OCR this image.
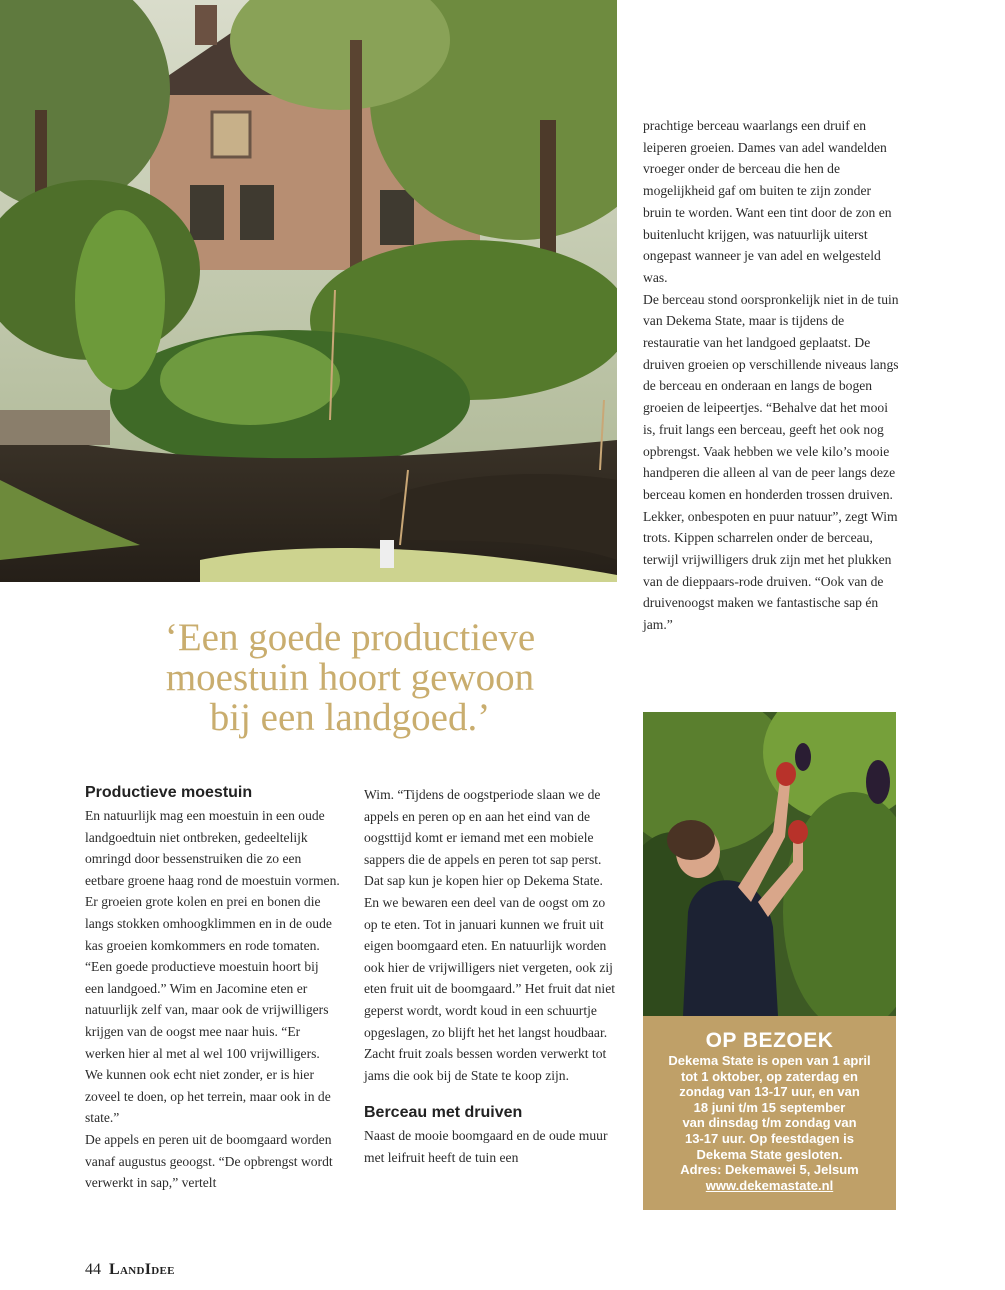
prachtige berceau waarlangs een druif en leiperen groeien. Dames van adel wandelden vroeger onder de berceau die hen de mogelijkheid gaf om buiten te zijn zonder bruin te worden. Want een tint door de zon en buitenlucht krijgen, was natuurlijk uiterst ongepast wanneer je van adel en welgesteld was.

De berceau stond oorspronkelijk niet in de tuin van Dekema State, maar is tijdens de restauratie van het landgoed geplaatst. De druiven groeien op verschillende niveaus langs de berceau en onderaan en langs de bogen groeien de leipeertjes. “Behalve dat het mooi is, fruit langs een berceau, geeft het ook nog opbrengst. Vaak hebben we vele kilo’s mooie handperen die alleen al van de peer langs deze berceau komen en honderden trossen druiven. Lekker, onbespoten en puur natuur”, zegt Wim trots. Kippen scharrelen onder de berceau, terwijl vrijwilligers druk zijn met het plukken van de dieppaars-rode druiven. “Ook van de druivenoogst maken we fantastische sap én jam.”

‘Een goede productieve
moestuin hoort gewoon
bij een landgoed.’
Productieve moestuin

En natuurlijk mag een moestuin in een oude landgoedtuin niet ontbreken, gedeeltelijk omringd door bessenstruiken die zo een eetbare groene haag rond de moestuin vormen. Er groeien grote kolen en prei en bonen die langs stokken omhoogklimmen en in de oude kas groeien komkommers en rode tomaten. “Een goede productieve moestuin hoort bij een landgoed.” Wim en Jacomine eten er natuurlijk zelf van, maar ook de vrijwilligers krijgen van de oogst mee naar huis. “Er werken hier al met al wel 100 vrijwilligers. We kunnen ook echt niet zonder, er is hier zoveel te doen, op het terrein, maar ook in de state.”

De appels en peren uit de boomgaard worden vanaf augustus geoogst. “De opbrengst wordt verwerkt in sap,” vertelt

Wim. “Tijdens de oogstperiode slaan we de appels en peren op en aan het eind van de oogsttijd komt er iemand met een mobiele sappers die de appels en peren tot sap perst. Dat sap kun je kopen hier op Dekema State. En we bewaren een deel van de oogst om zo op te eten. Tot in januari kunnen we fruit uit eigen boomgaard eten. En natuurlijk worden ook hier de vrijwilligers niet vergeten, ook zij eten fruit uit de boomgaard.” Het fruit dat niet geperst wordt, wordt koud in een schuurtje opgeslagen, zo blijft het het langst houdbaar. Zacht fruit zoals bessen worden verwerkt tot jams die ook bij de State te koop zijn.

Berceau met druiven

Naast de mooie boomgaard en de oude muur met leifruit heeft de tuin een

OP BEZOEK
Dekema State is open van 1 april
tot 1 oktober, op zaterdag en
zondag van 13-17 uur, en van
18 juni t/m 15 september
van dinsdag t/m zondag van
13-17 uur. Op feestdagen is
Dekema State gesloten.
Adres: Dekemawei 5, Jelsum
www.dekemastate.nl
44 LandIdee
